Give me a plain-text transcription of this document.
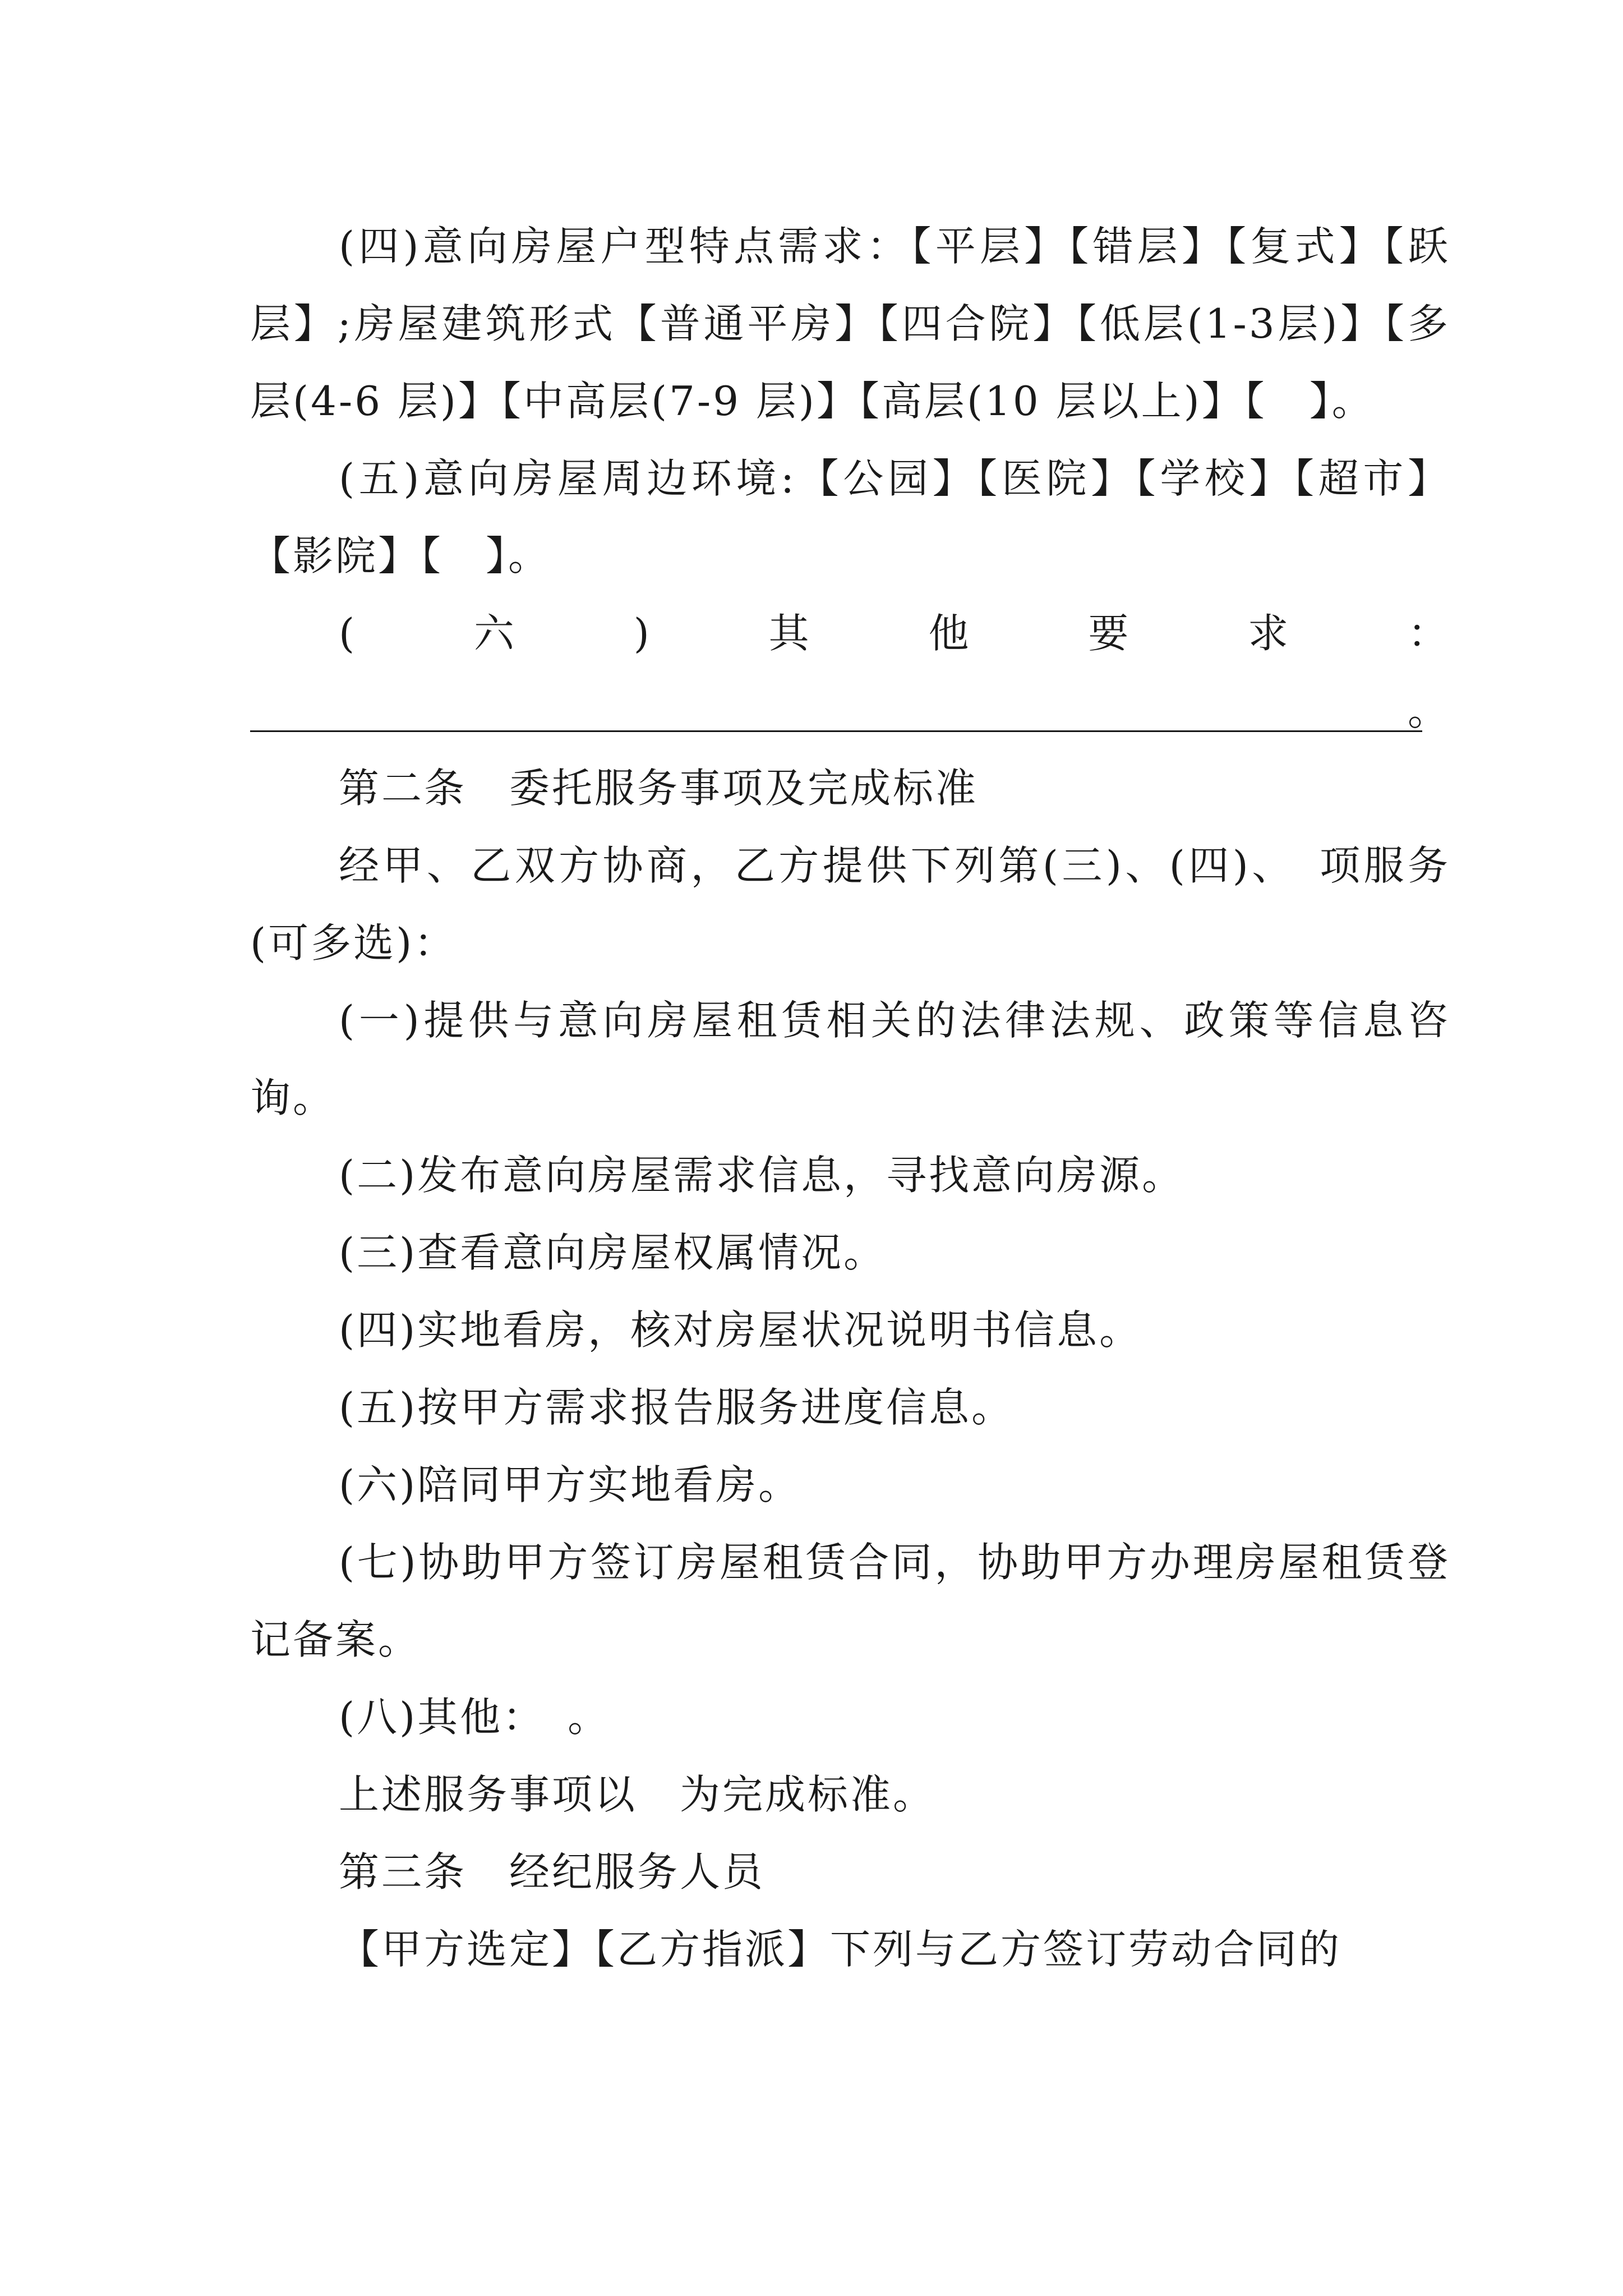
(四)意向房屋户型特点需求：【平层】【错层】【复式】【跃层】;房屋建筑形式【普通平房】【四合院】【低层(1-3层)】【多层(4-6 层)】【中高层(7-9 层)】【高层(10 层以上)】【　】。

(五)意向房屋周边环境:【公园】【医院】【学校】【超市】【影院】【　】。

(　六　)　其　他　要　求　：

。

第二条　委托服务事项及完成标准

经甲、乙双方协商，乙方提供下列第(三)、(四)、　项服务(可多选)：

(一)提供与意向房屋租赁相关的法律法规、政策等信息咨询。

(二)发布意向房屋需求信息，寻找意向房源。

(三)查看意向房屋权属情况。

(四)实地看房，核对房屋状况说明书信息。

(五)按甲方需求报告服务进度信息。

(六)陪同甲方实地看房。

(七)协助甲方签订房屋租赁合同，协助甲方办理房屋租赁登记备案。

(八)其他：　。

上述服务事项以　为完成标准。

第三条　经纪服务人员

【甲方选定】【乙方指派】下列与乙方签订劳动合同的
